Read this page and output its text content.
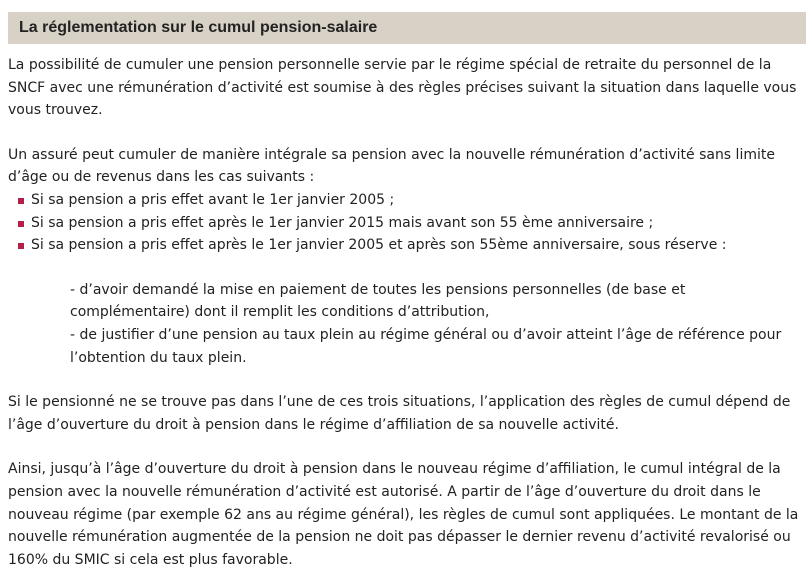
La réglementation sur le cumul pension-salaire

La possibilité de cumuler une pension personnelle servie par le régime spécial de retraite du personnel de la SNCF avec une rémunération d’activité est soumise à des règles précises suivant la situation dans laquelle vous vous trouvez.

Un assuré peut cumuler de manière intégrale sa pension avec la nouvelle rémunération d’activité sans limite d’âge ou de revenus dans les cas suivants :

Si sa pension a pris effet avant le 1er janvier 2005 ;
Si sa pension a pris effet après le 1er janvier 2015 mais avant son 55 ème anniversaire ;
Si sa pension a pris effet après le 1er janvier 2005 et après son 55ème anniversaire, sous réserve :

- d’avoir demandé la mise en paiement de toutes les pensions personnelles (de base et complémentaire) dont il remplit les conditions d’attribution,

- de justifier d’une pension au taux plein au régime général ou d’avoir atteint l’âge de référence pour l’obtention du taux plein.

Si le pensionné ne se trouve pas dans l’une de ces trois situations, l’application des règles de cumul dépend de l’âge d’ouverture du droit à pension dans le régime d’affiliation de sa nouvelle activité.

Ainsi, jusqu’à l’âge d’ouverture du droit à pension dans le nouveau régime d’affiliation, le cumul intégral de la pension avec la nouvelle rémunération d’activité est autorisé. A partir de l’âge d’ouverture du droit dans le nouveau régime (par exemple 62 ans au régime général), les règles de cumul sont appliquées. Le montant de la nouvelle rémunération augmentée de la pension ne doit pas dépasser le dernier revenu d’activité revalorisé ou 160% du SMIC si cela est plus favorable.
